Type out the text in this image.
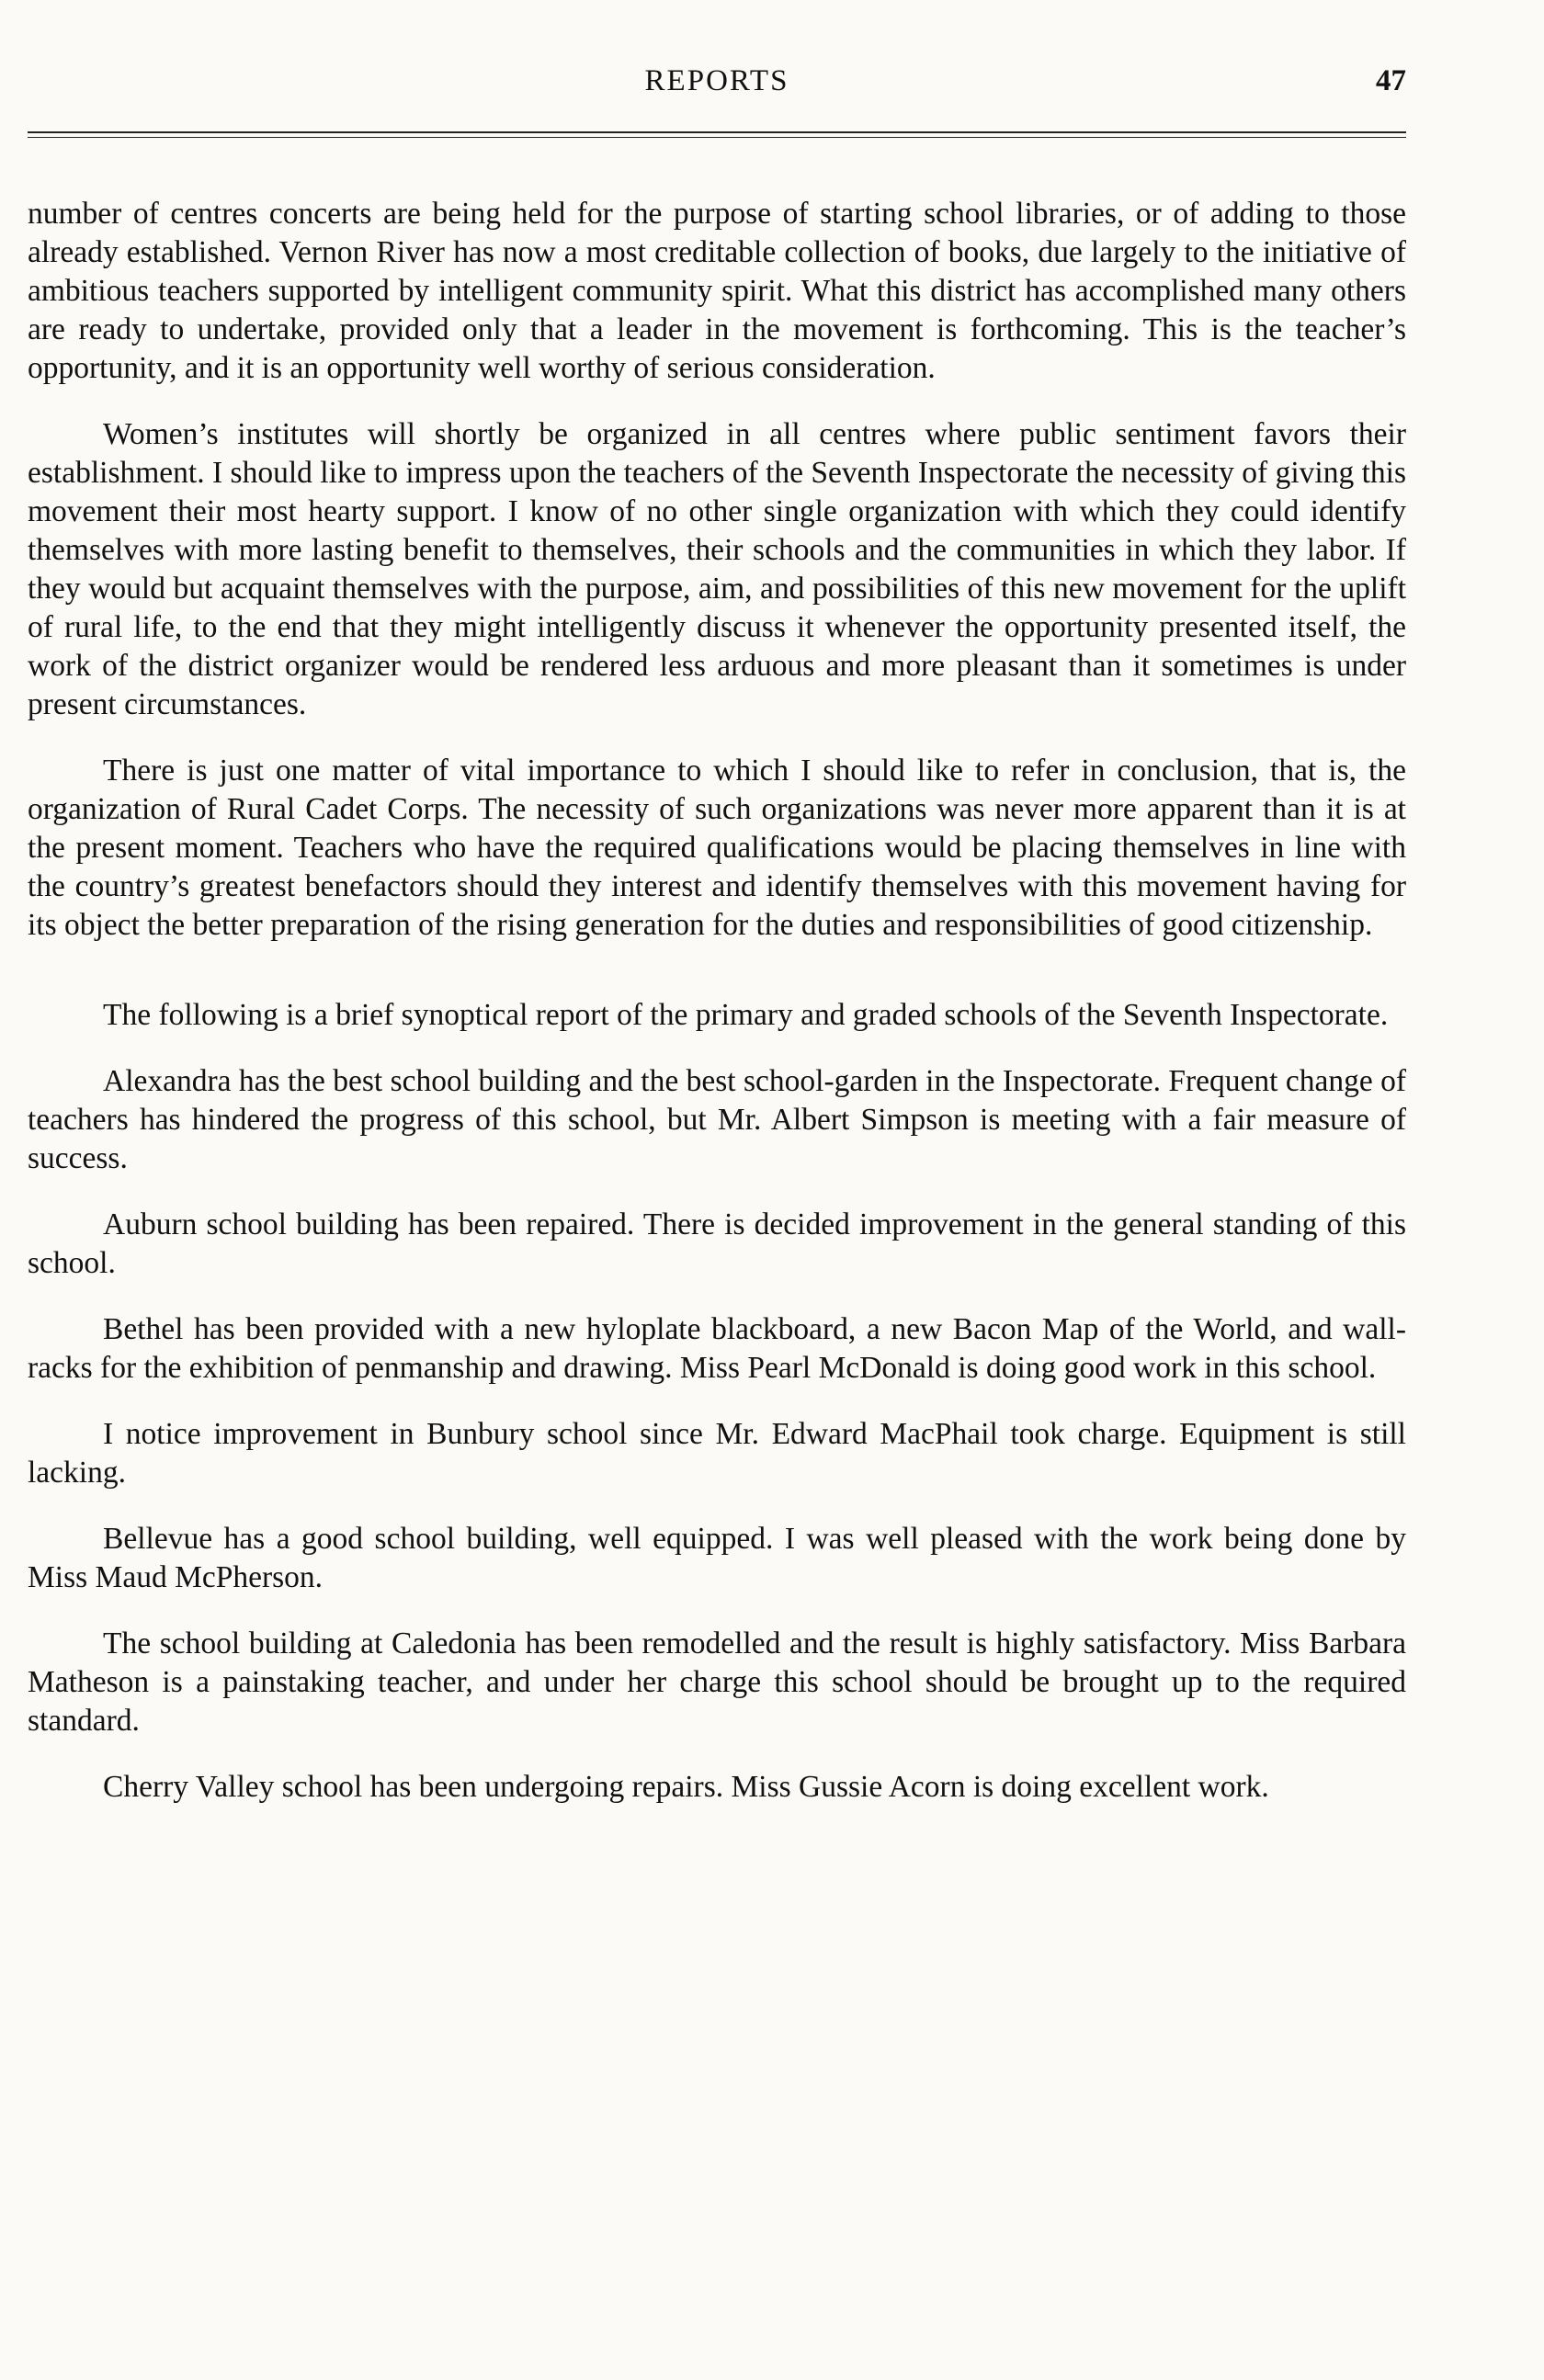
REPORTS	47

number of centres concerts are being held for the purpose of starting school libraries, or of adding to those already established. Vernon River has now a most creditable collection of books, due largely to the initiative of ambitious teachers supported by intelligent community spirit. What this district has accomplished many others are ready to undertake, provided only that a leader in the movement is forthcoming. This is the teacher’s opportunity, and it is an opportunity well worthy of serious consideration.

Women’s institutes will shortly be organized in all centres where public sentiment favors their establishment. I should like to impress upon the teachers of the Seventh Inspectorate the necessity of giving this movement their most hearty support. I know of no other single organization with which they could identify themselves with more lasting benefit to themselves, their schools and the communities in which they labor. If they would but acquaint themselves with the purpose, aim, and possibilities of this new movement for the uplift of rural life, to the end that they might intelligently discuss it whenever the opportunity presented itself, the work of the district organizer would be rendered less arduous and more pleasant than it sometimes is under present circumstances.

There is just one matter of vital importance to which I should like to refer in conclusion, that is, the organization of Rural Cadet Corps. The necessity of such organizations was never more apparent than it is at the present moment. Teachers who have the required qualifications would be placing themselves in line with the country’s greatest benefactors should they interest and identify themselves with this movement having for its object the better preparation of the rising generation for the duties and responsibilities of good citizenship.

The following is a brief synoptical report of the primary and graded schools of the Seventh Inspectorate.

Alexandra has the best school building and the best school-garden in the Inspectorate. Frequent change of teachers has hindered the progress of this school, but Mr. Albert Simpson is meeting with a fair measure of success.

Auburn school building has been repaired. There is decided improvement in the general standing of this school.

Bethel has been provided with a new hyloplate blackboard, a new Bacon Map of the World, and wall-racks for the exhibition of penmanship and drawing. Miss Pearl McDonald is doing good work in this school.

I notice improvement in Bunbury school since Mr. Edward MacPhail took charge. Equipment is still lacking.

Bellevue has a good school building, well equipped. I was well pleased with the work being done by Miss Maud McPherson.

The school building at Caledonia has been remodelled and the result is highly satisfactory. Miss Barbara Matheson is a painstaking teacher, and under her charge this school should be brought up to the required standard.

Cherry Valley school has been undergoing repairs. Miss Gussie Acorn is doing excellent work.
